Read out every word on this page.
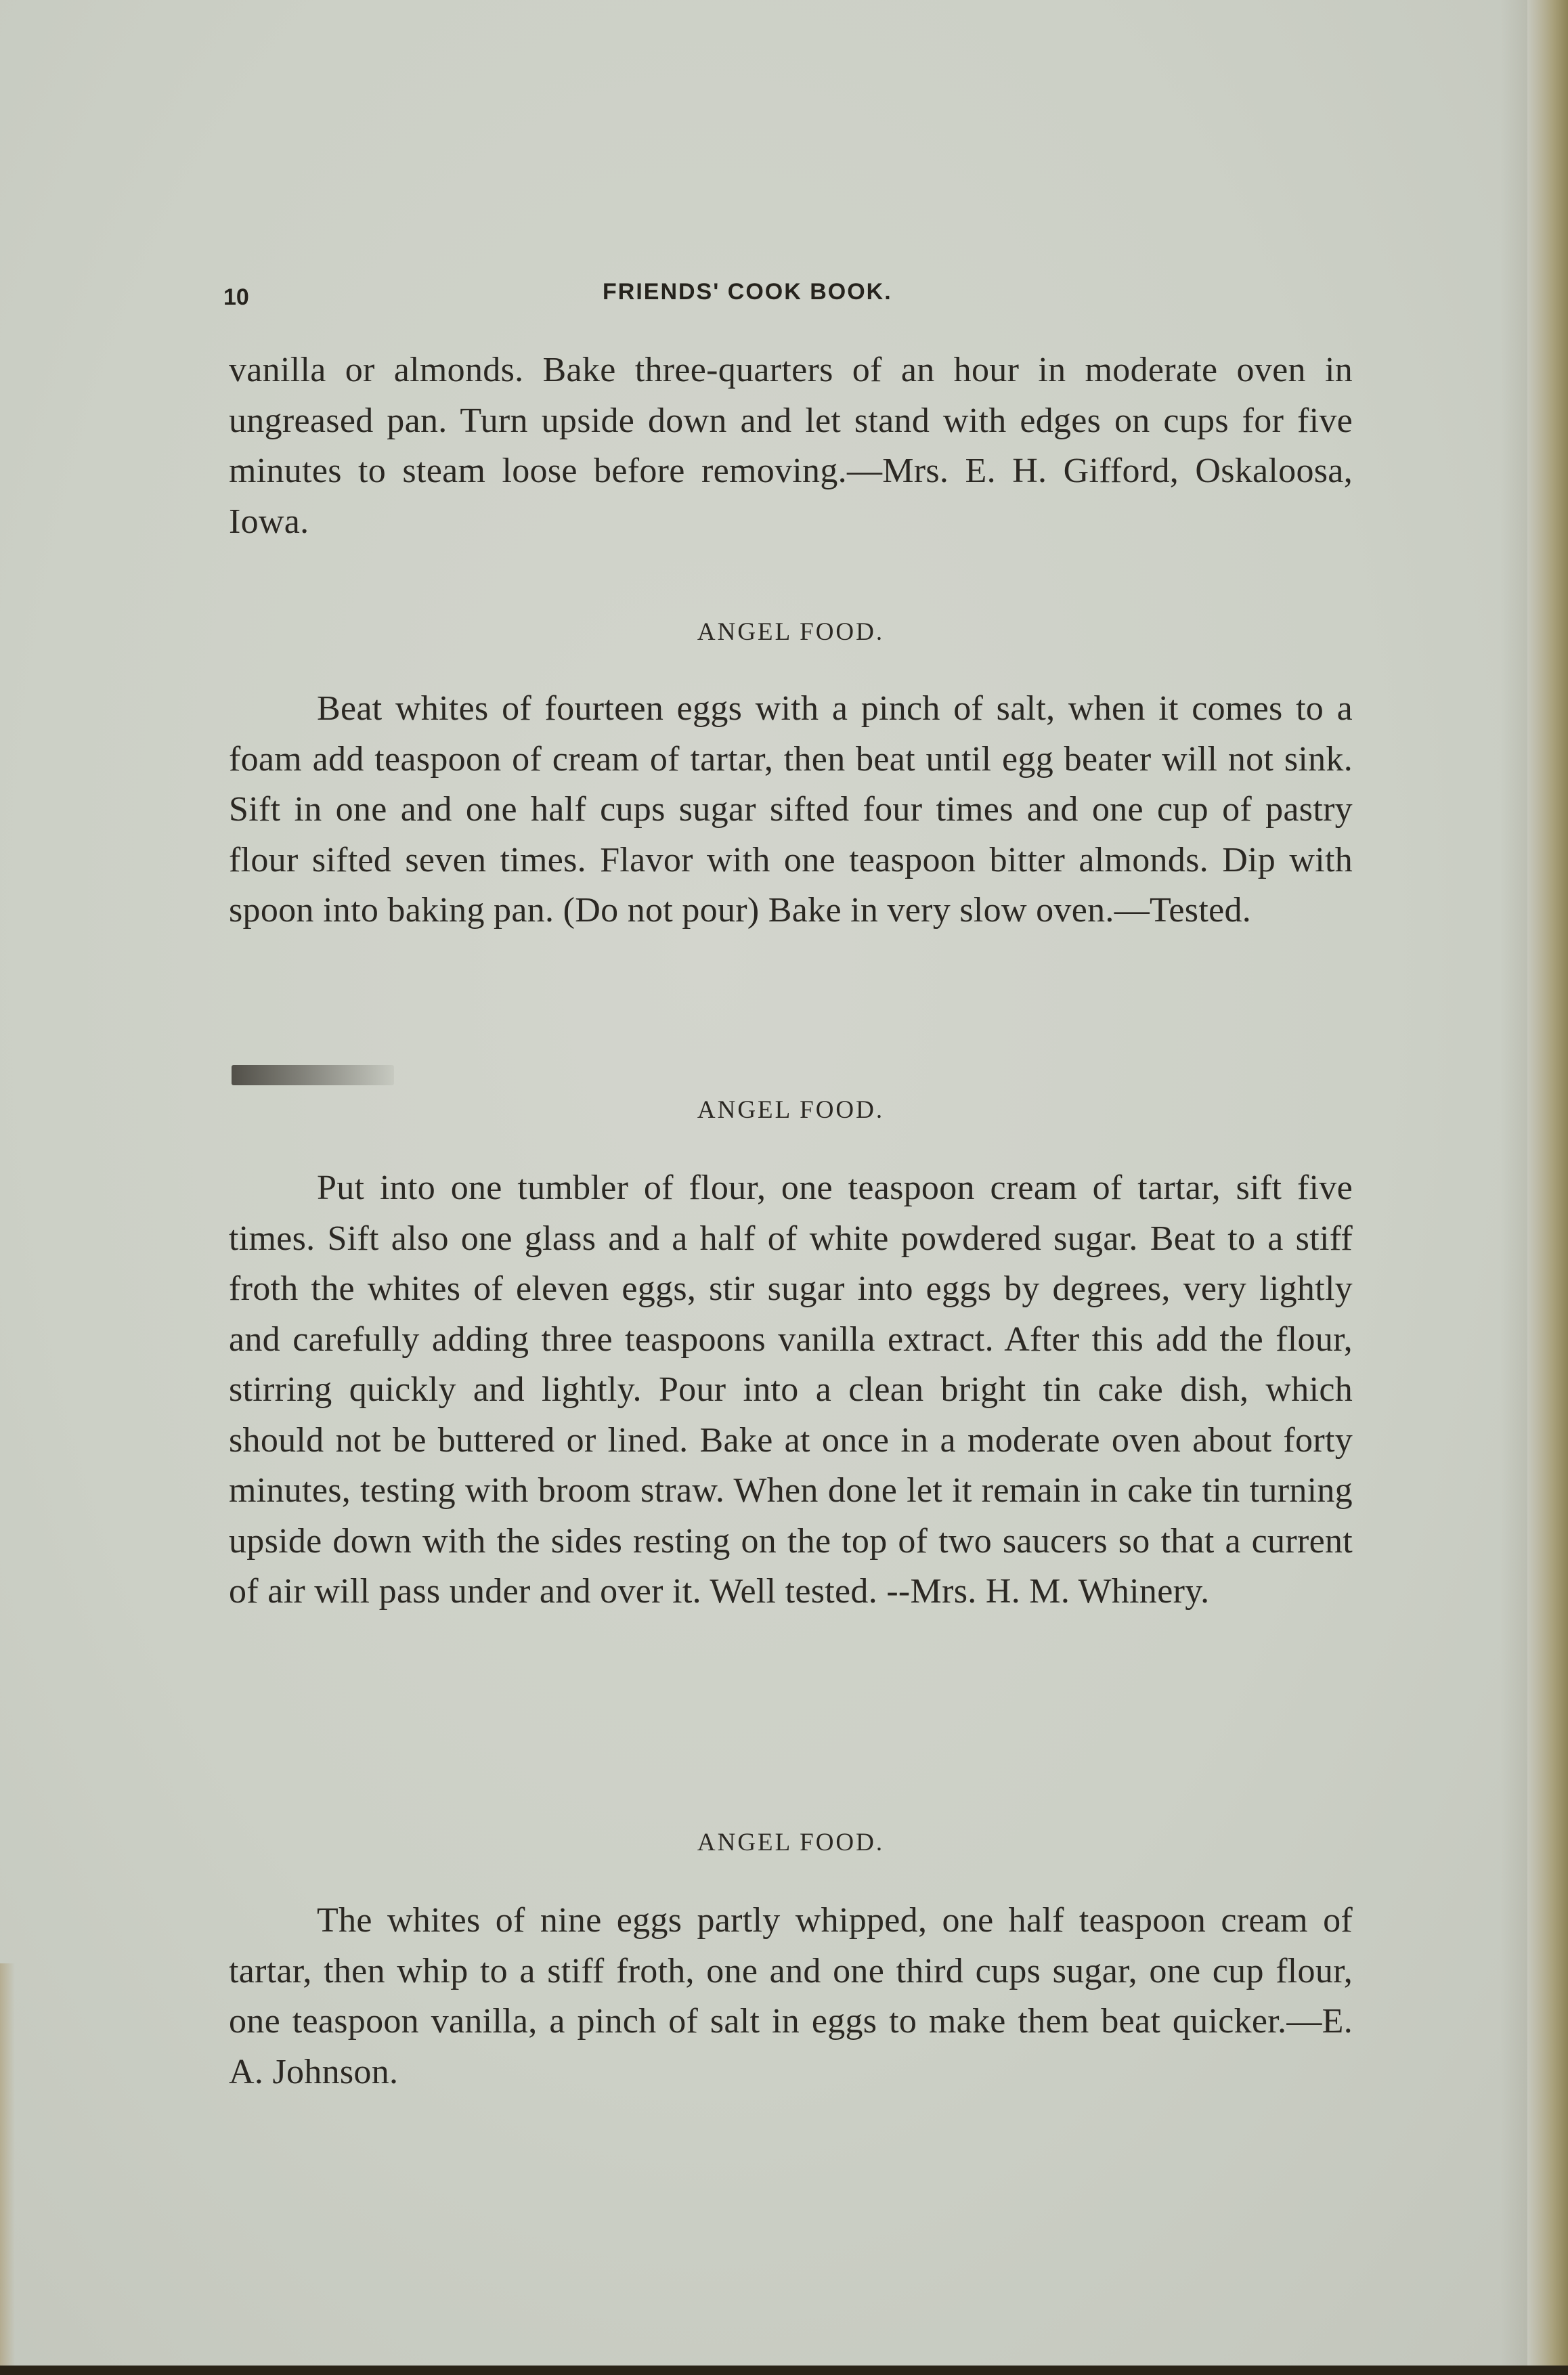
10	FRIENDS' COOK BOOK.

vanilla or almonds. Bake three-quarters of an hour in moderate oven in ungreased pan. Turn upside down and let stand with edges on cups for five minutes to steam loose before removing.—Mrs. E. H. Gifford, Oskaloosa, Iowa.

ANGEL FOOD.

Beat whites of fourteen eggs with a pinch of salt, when it comes to a foam add teaspoon of cream of tartar, then beat until egg beater will not sink. Sift in one and one half cups sugar sifted four times and one cup of pastry flour sifted seven times. Flavor with one teaspoon bitter almonds. Dip with spoon into baking pan. (Do not pour) Bake in very slow oven.—Tested.

ANGEL FOOD.

Put into one tumbler of flour, one teaspoon cream of tartar, sift five times. Sift also one glass and a half of white powdered sugar. Beat to a stiff froth the whites of eleven eggs, stir sugar into eggs by degrees, very lightly and carefully adding three teaspoons vanilla extract. After this add the flour, stirring quickly and lightly. Pour into a clean bright tin cake dish, which should not be buttered or lined. Bake at once in a moderate oven about forty minutes, testing with broom straw. When done let it remain in cake tin turning upside down with the sides resting on the top of two saucers so that a current of air will pass under and over it. Well tested. --Mrs. H. M. Whinery.

ANGEL FOOD.

The whites of nine eggs partly whipped, one half teaspoon cream of tartar, then whip to a stiff froth, one and one third cups sugar, one cup flour, one teaspoon vanilla, a pinch of salt in eggs to make them beat quicker.—E. A. Johnson.
